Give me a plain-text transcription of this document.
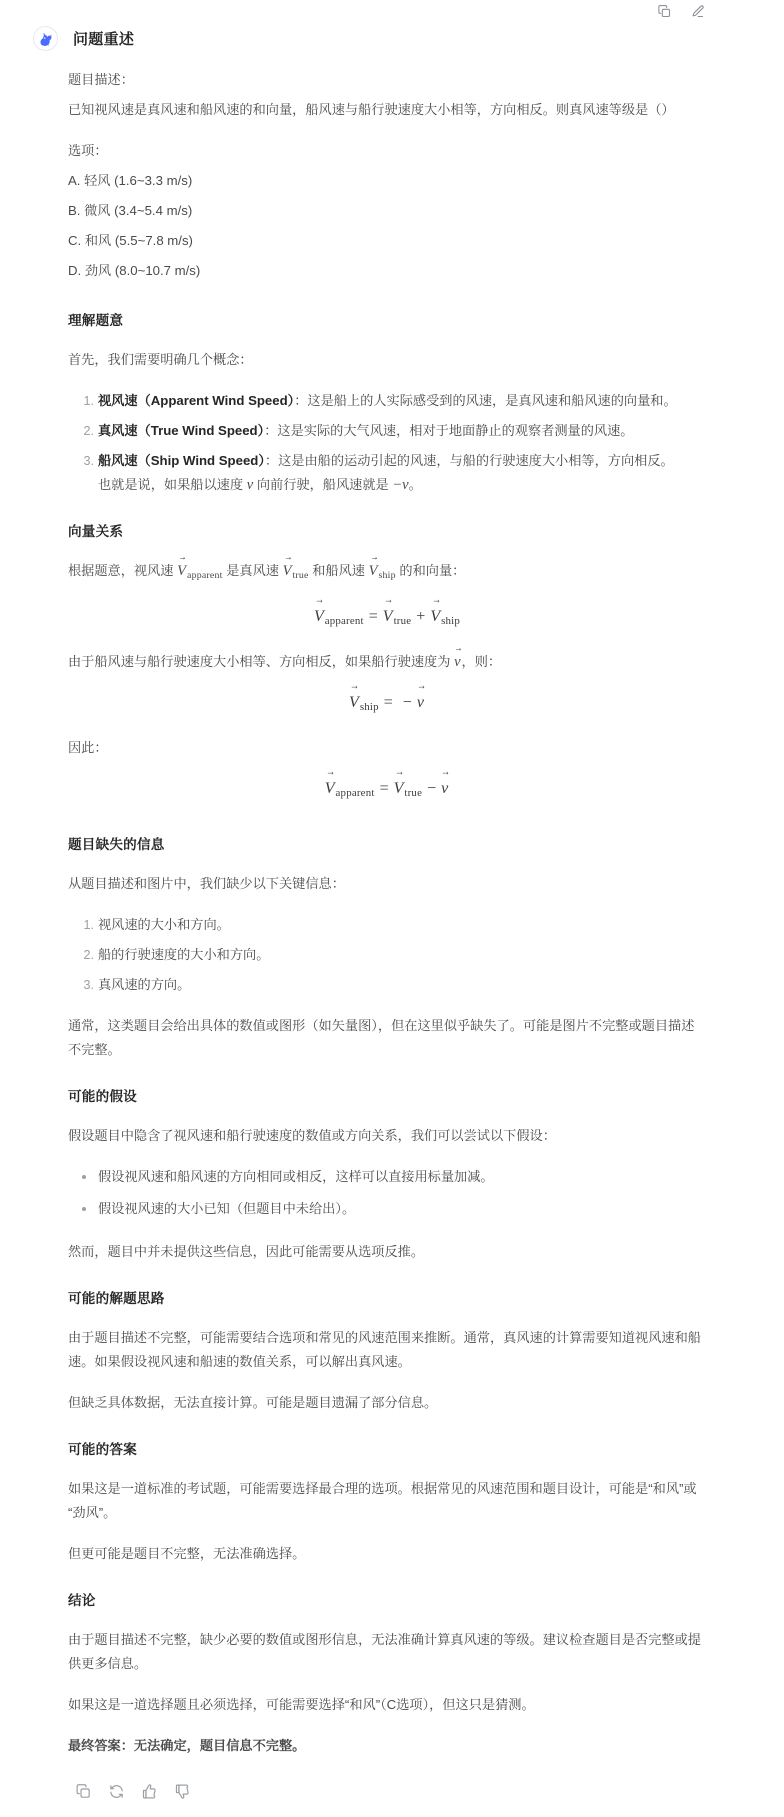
问题重述

题目描述：

已知视风速是真风速和船风速的和向量，船风速与船行驶速度大小相等，方向相反。则真风速等级是（）

选项：

A. 轻风 (1.6~3.3 m/s)

B. 微风 (3.4~5.4 m/s)

C. 和风 (5.5~7.8 m/s)

D. 劲风 (8.0~10.7 m/s)

理解题意

首先，我们需要明确几个概念：

视风速（Apparent Wind Speed）：这是船上的人实际感受到的风速，是真风速和船风速的向量和。
真风速（True Wind Speed）：这是实际的大气风速，相对于地面静止的观察者测量的风速。
船风速（Ship Wind Speed）：这是由船的运动引起的风速，与船的行驶速度大小相等，方向相反。
也就是说，如果船以速度 v 向前行驶，船风速就是 −v。
向量关系

根据题意，视风速 $V \to_{apparent}$ 是真风速 $V \to_{true}$ 和船风速 $V \to_{ship}$ 的和向量：

$V \to_{apparent} = V \to_{true} + V \to_{ship}$

由于船风速与船行驶速度大小相等、方向相反，如果船行驶速度为 v →，则：

$V \to_{ship}$ = − v →

因此：

$V \to_{apparent} = V \to_{true} - v$ →
题目缺失的信息

从题目描述和图片中，我们缺少以下关键信息：

视风速的大小和方向。
船的行驶速度的大小和方向。
真风速的方向。

通常，这类题目会给出具体的数值或图形（如矢量图），但在这里似乎缺失了。可能是图片不完整或题目描述不完整。

可能的假设

假设题目中隐含了视风速和船行驶速度的数值或方向关系，我们可以尝试以下假设：

假设视风速和船风速的方向相同或相反，这样可以直接用标量加减。
假设视风速的大小已知（但题目中未给出）。

然而，题目中并未提供这些信息，因此可能需要从选项反推。

可能的解题思路

由于题目描述不完整，可能需要结合选项和常见的风速范围来推断。通常，真风速的计算需要知道视风速和船速。如果假设视风速和船速的数值关系，可以解出真风速。

但缺乏具体数据，无法直接计算。可能是题目遗漏了部分信息。

可能的答案

如果这是一道标准的考试题，可能需要选择最合理的选项。根据常见的风速范围和题目设计，可能是“和风”或“劲风”。

但更可能是题目不完整，无法准确选择。

结论

由于题目描述不完整，缺少必要的数值或图形信息，无法准确计算真风速的等级。建议检查题目是否完整或提供更多信息。

如果这是一道选择题且必须选择，可能需要选择“和风”（C选项），但这只是猜测。

最终答案：无法确定，题目信息不完整。
